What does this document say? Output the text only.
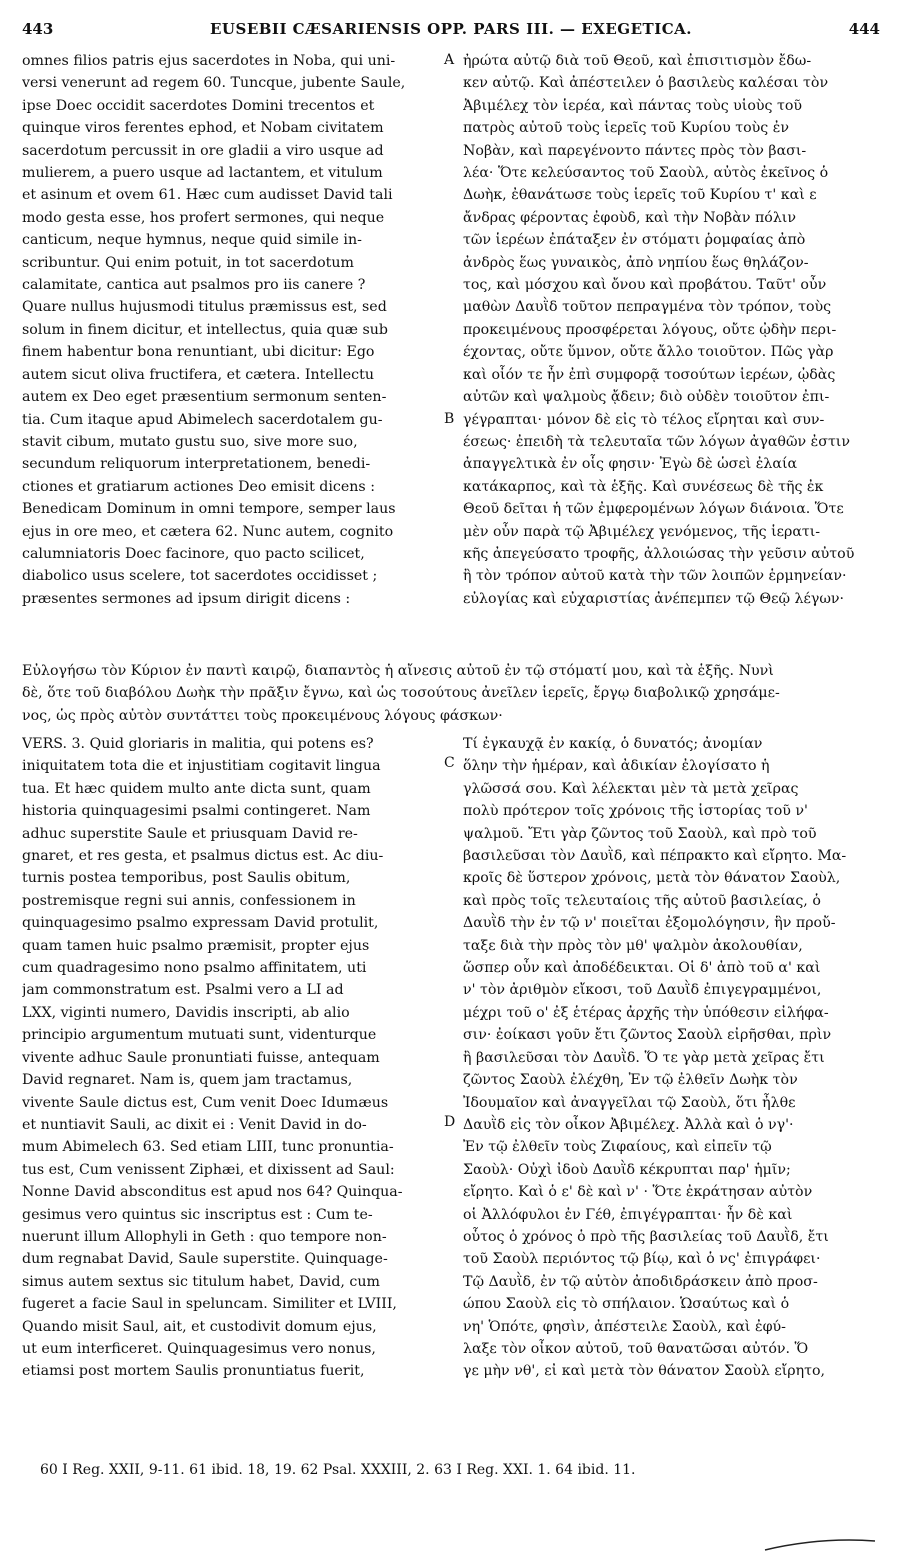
443	EUSEBII CÆSARIENSIS OPP. PARS III. — EXEGETICA.	444
omnes filios patris ejus sacerdotes in Noba, qui uni-
versi venerunt ad regem 60. Tuncque, jubente Saule,
ipse Doec occidit sacerdotes Domini trecentos et
quinque viros ferentes ephod, et Nobam civitatem
sacerdotum percussit in ore gladii a viro usque ad
mulierem, a puero usque ad lactantem, et vitulum
et asinum et ovem 61. Hæc cum audisset David tali
modo gesta esse, hos profert sermones, qui neque
canticum, neque hymnus, neque quid simile in-
scribuntur. Qui enim potuit, in tot sacerdotum
calamitate, cantica aut psalmos pro iis canere ?
Quare nullus hujusmodi titulus præmissus est, sed
solum in finem dicitur, et intellectus, quia quæ sub
finem habentur bona renuntiant, ubi dicitur: Ego
autem sicut oliva fructifera, et cætera. Intellectu
autem ex Deo eget præsentium sermonum senten-
tia. Cum itaque apud Abimelech sacerdotalem gu-
stavit cibum, mutato gustu suo, sive more suo,
secundum reliquorum interpretationem, benedi-
ctiones et gratiarum actiones Deo emisit dicens :
Benedicam Dominum in omni tempore, semper laus
ejus in ore meo, et cætera 62. Nunc autem, cognito
calumniatoris Doec facinore, quo pacto scilicet,
diabolico usus scelere, tot sacerdotes occidisset ;
præsentes sermones ad ipsum dirigit dicens :
ἠρώτα αὐτῷ διὰ τοῦ Θεοῦ, καὶ ἐπισιτισμὸν ἔδω-
κεν αὐτῷ. Καὶ ἀπέστειλεν ὁ βασιλεὺς καλέσαι τὸν
Ἀβιμέλεχ τὸν ἱερέα, καὶ πάντας τοὺς υἱοὺς τοῦ
πατρὸς αὐτοῦ τοὺς ἱερεῖς τοῦ Κυρίου τοὺς ἐν
Νοβὰν, καὶ παρεγένοντο πάντες πρὸς τὸν βασι-
λέα· Ὅτε κελεύσαντος τοῦ Σαοὺλ, αὐτὸς ἐκεῖνος ὁ
Δωὴκ, ἐθανάτωσε τοὺς ἱερεῖς τοῦ Κυρίου τ' καὶ ε
ἄνδρας φέροντας ἐφοὺδ, καὶ τὴν Νοβὰν πόλιν
τῶν ἱερέων ἐπάταξεν ἐν στόματι ῥομφαίας ἀπὸ
ἀνδρὸς ἕως γυναικὸς, ἀπὸ νηπίου ἕως θηλάζον-
τος, καὶ μόσχου καὶ ὄνου καὶ προβάτου. Ταῦτ' οὖν
μαθὼν Δαυῒδ τοῦτον πεπραγμένα τὸν τρόπον, τοὺς
προκειμένους προσφέρεται λόγους, οὔτε ᾠδὴν περι-
έχοντας, οὔτε ὕμνον, οὔτε ἄλλο τοιοῦτον. Πῶς γὰρ
καὶ οἷόν τε ἦν ἐπὶ συμφορᾷ τοσούτων ἱερέων, ᾠδὰς
αὐτῶν καὶ ψαλμοὺς ᾄδειν; διὸ οὐδὲν τοιοῦτον ἐπι-
γέγραπται· μόνον δὲ εἰς τὸ τέλος εἴρηται καὶ συν-
έσεως· ἐπειδὴ τὰ τελευταῖα τῶν λόγων ἀγαθῶν ἐστιν
ἀπαγγελτικὰ ἐν οἷς φησιν· Ἐγὼ δὲ ὡσεὶ ἐλαία
κατάκαρπος, καὶ τὰ ἑξῆς. Καὶ συνέσεως δὲ τῆς ἐκ
Θεοῦ δεῖται ἡ τῶν ἐμφερομένων λόγων διάνοια. Ὅτε
μὲν οὖν παρὰ τῷ Ἀβιμέλεχ γενόμενος, τῆς ἱερατι-
κῆς ἀπεγεύσατο τροφῆς, ἀλλοιώσας τὴν γεῦσιν αὐτοῦ
ἢ τὸν τρόπον αὐτοῦ κατὰ τὴν τῶν λοιπῶν ἑρμηνείαν·
εὐλογίας καὶ εὐχαριστίας ἀνέπεμπεν τῷ Θεῷ λέγων·
A
B
C
D
Εὐλογήσω τὸν Κύριον ἐν παντὶ καιρῷ, διαπαντὸς ἡ αἴνεσις αὐτοῦ ἐν τῷ στόματί μου, καὶ τὰ ἑξῆς. Νυνὶ
δὲ, ὅτε τοῦ διαβόλου Δωὴκ τὴν πρᾶξιν ἔγνω, καὶ ὡς τοσούτους ἀνεῖλεν ἱερεῖς, ἔργῳ διαβολικῷ χρησάμε-
νος, ὡς πρὸς αὐτὸν συντάττει τοὺς προκειμένους λόγους φάσκων·
VERS. 3. Quid gloriaris in malitia, qui potens es?
iniquitatem tota die et injustitiam cogitavit lingua
tua. Et hæc quidem multo ante dicta sunt, quam
historia quinquagesimi psalmi contingeret. Nam
adhuc superstite Saule et priusquam David re-
gnaret, et res gesta, et psalmus dictus est. Ac diu-
turnis postea temporibus, post Saulis obitum,
postremisque regni sui annis, confessionem in
quinquagesimo psalmo expressam David protulit,
quam tamen huic psalmo præmisit, propter ejus
cum quadragesimo nono psalmo affinitatem, uti
jam commonstratum est. Psalmi vero a LI ad
LXX, viginti numero, Davidis inscripti, ab alio
principio argumentum mutuati sunt, videnturque
vivente adhuc Saule pronuntiati fuisse, antequam
David regnaret. Nam is, quem jam tractamus,
vivente Saule dictus est, Cum venit Doec Idumæus
et nuntiavit Sauli, ac dixit ei : Venit David in do-
mum Abimelech 63. Sed etiam LIII, tunc pronuntia-
tus est, Cum venissent Ziphæi, et dixissent ad Saul:
Nonne David absconditus est apud nos 64? Quinqua-
gesimus vero quintus sic inscriptus est : Cum te-
nuerunt illum Allophyli in Geth : quo tempore non-
dum regnabat David, Saule superstite. Quinquage-
simus autem sextus sic titulum habet, David, cum
fugeret a facie Saul in speluncam. Similiter et LVIII,
Quando misit Saul, ait, et custodivit domum ejus,
ut eum interficeret. Quinquagesimus vero nonus,
etiamsi post mortem Saulis pronuntiatus fuerit,
Τί ἐγκαυχᾷ ἐν κακίᾳ, ὁ δυνατός; ἀνομίαν
ὅλην τὴν ἡμέραν, καὶ ἀδικίαν ἐλογίσατο ἡ
γλῶσσά σου. Καὶ λέλεκται μὲν τὰ μετὰ χεῖρας
πολὺ πρότερον τοῖς χρόνοις τῆς ἱστορίας τοῦ ν'
ψαλμοῦ. Ἔτι γὰρ ζῶντος τοῦ Σαοὺλ, καὶ πρὸ τοῦ
βασιλεῦσαι τὸν Δαυῒδ, καὶ πέπρακτο καὶ εἴρητο. Μα-
κροῖς δὲ ὕστερον χρόνοις, μετὰ τὸν θάνατον Σαοὺλ,
καὶ πρὸς τοῖς τελευταίοις τῆς αὐτοῦ βασιλείας, ὁ
Δαυῒδ τὴν ἐν τῷ ν' ποιεῖται ἐξομολόγησιν, ἣν προὔ-
ταξε διὰ τὴν πρὸς τὸν μθ' ψαλμὸν ἀκολουθίαν,
ὥσπερ οὖν καὶ ἀποδέδεικται. Οἱ δ' ἀπὸ τοῦ α' καὶ
ν' τὸν ἀριθμὸν εἴκοσι, τοῦ Δαυῒδ ἐπιγεγραμμένοι,
μέχρι τοῦ ο' ἐξ ἑτέρας ἀρχῆς τὴν ὑπόθεσιν εἰλήφα-
σιν· ἐοίκασι γοῦν ἔτι ζῶντος Σαοὺλ εἰρῆσθαι, πρὶν
ἢ βασιλεῦσαι τὸν Δαυῒδ. Ὅ τε γὰρ μετὰ χεῖρας ἔτι
ζῶντος Σαοὺλ ἐλέχθη, Ἐν τῷ ἐλθεῖν Δωὴκ τὸν
Ἰδουμαῖον καὶ ἀναγγεῖλαι τῷ Σαοὺλ, ὅτι ἦλθε
Δαυῒδ εἰς τὸν οἶκον Ἀβιμέλεχ. Ἀλλὰ καὶ ὁ νγ'·
Ἐν τῷ ἐλθεῖν τοὺς Ζιφαίους, καὶ εἰπεῖν τῷ
Σαοὺλ· Οὐχὶ ἰδοὺ Δαυῒδ κέκρυπται παρ' ἡμῖν;
εἴρητο. Καὶ ὁ ε' δὲ καὶ ν' · Ὅτε ἐκράτησαν αὐτὸν
οἱ Ἀλλόφυλοι ἐν Γέθ, ἐπιγέγραπται· ἦν δὲ καὶ
οὗτος ὁ χρόνος ὁ πρὸ τῆς βασιλείας τοῦ Δαυῒδ, ἔτι
τοῦ Σαοὺλ περιόντος τῷ βίῳ, καὶ ὁ νς' ἐπιγράφει·
Τῷ Δαυῒδ, ἐν τῷ αὐτὸν ἀποδιδράσκειν ἀπὸ προσ-
ώπου Σαοὺλ εἰς τὸ σπήλαιον. Ὡσαύτως καὶ ὁ
νη' Ὁπότε, φησὶν, ἀπέστειλε Σαοὺλ, καὶ ἐφύ-
λαξε τὸν οἶκον αὐτοῦ, τοῦ θανατῶσαι αὐτόν. Ὅ
γε μὴν νθ', εἰ καὶ μετὰ τὸν θάνατον Σαοὺλ εἴρητο,
60 I Reg. XXII, 9-11. 61 ibid. 18, 19. 62 Psal. XXXIII, 2. 63 I Reg. XXI. 1. 64 ibid. 11.
